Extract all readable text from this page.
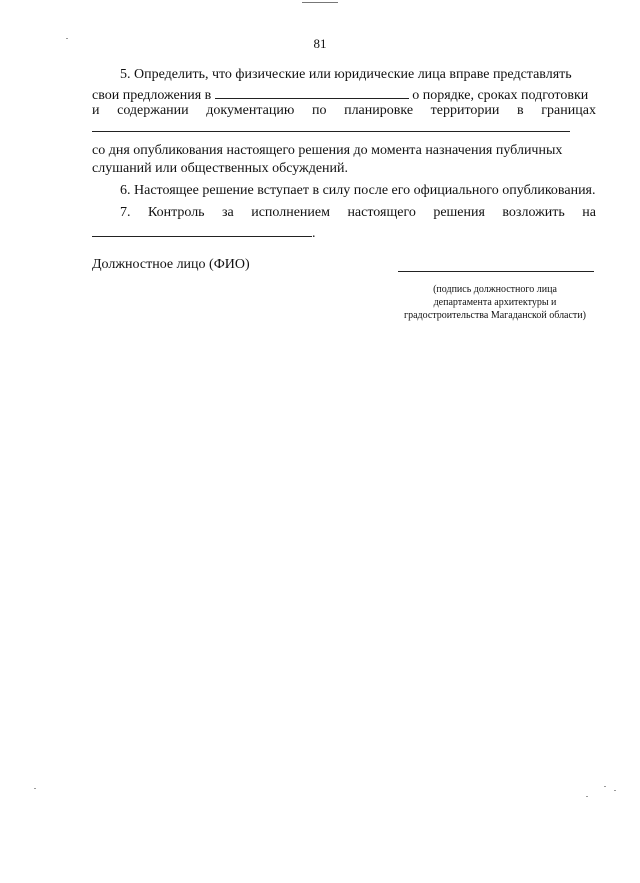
81
5. Определить, что физические или юридические лица вправе представлять
свои предложения в	о порядке, сроках подготовки
и содержании документацию по планировке территории в границах
со дня опубликования настоящего решения до момента назначения публичных
слушаний или общественных обсуждений.
6. Настоящее решение вступает в силу после его официального опубликования.
7. Контроль за исполнением настоящего решения возложить на
.
Должностное лицо (ФИО)
(подпись должностного лица
департамента архитектуры и
градостроительства Магаданской области)
